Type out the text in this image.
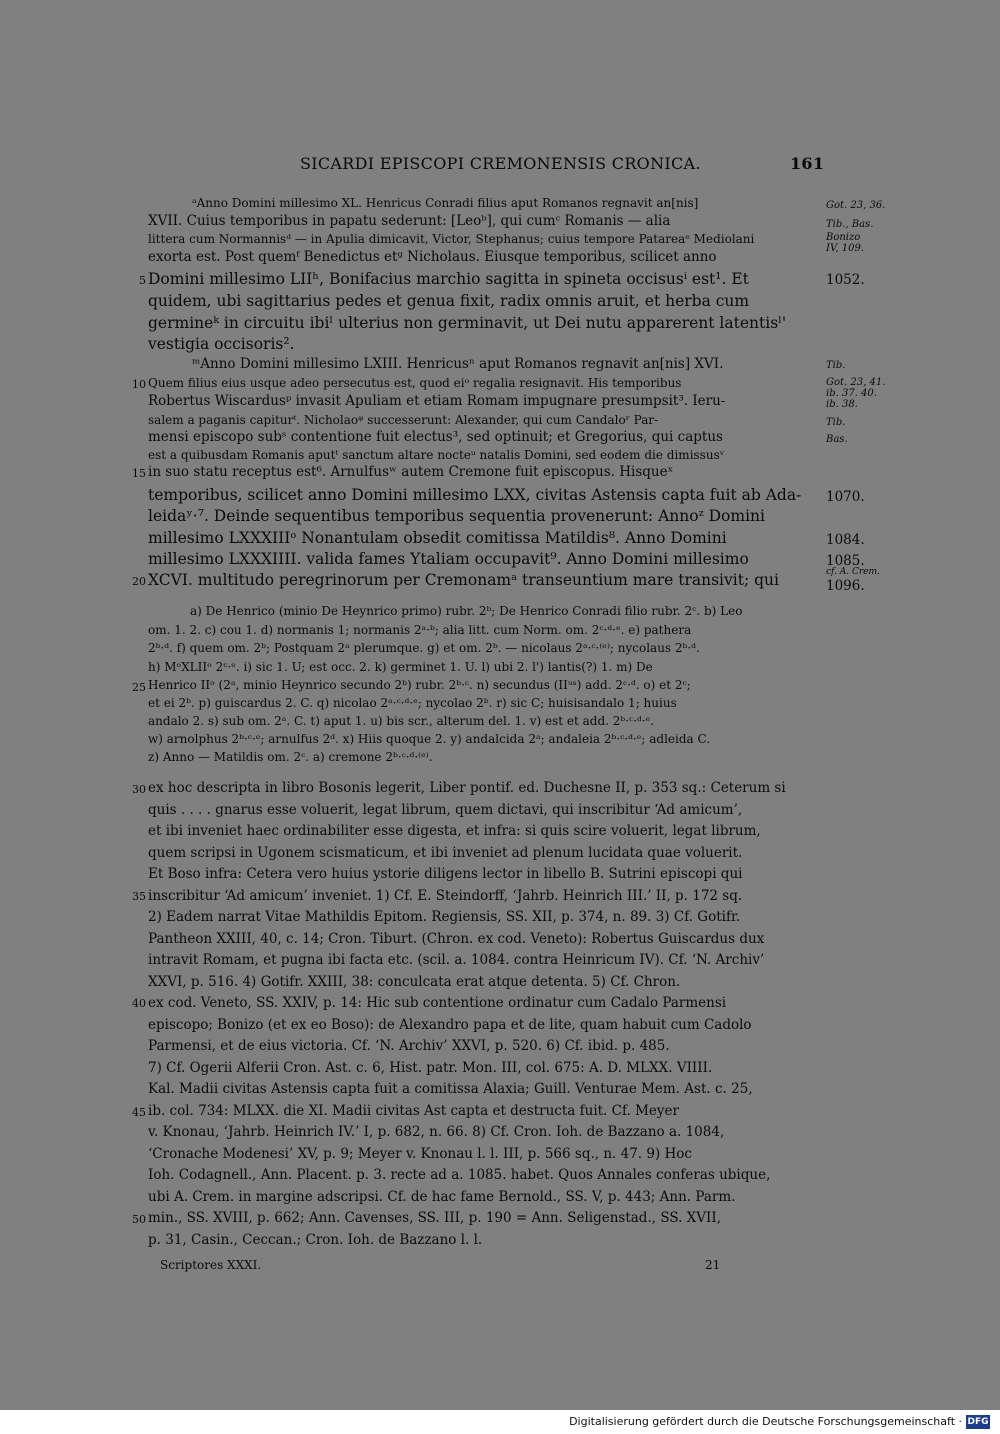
SICARDI EPISCOPI CREMONENSIS CRONICA.	161
ᵃAnno Domini millesimo XL. Henricus Conradi filius aput Romanos regnavit an[nis]
XVII. Cuius temporibus in papatu sederunt: [Leoᵇ], qui cumᶜ Romanis — alia
littera cum Normannisᵈ — in Apulia dimicavit, Victor, Stephanus; cuius tempore Patareaᵉ Mediolani
exorta est. Post quemᶠ Benedictus etᵍ Nicholaus. Eiusque temporibus, scilicet anno
Domini millesimo LIIʰ, Bonifacius marchio sagitta in spineta occisusⁱ est¹. Et
quidem, ubi sagittarius pedes et genua fixit, radix omnis aruit, et herba cum
germineᵏ in circuitu ibiˡ ulterius non germinavit, ut Dei nutu apparerent latentisˡ'
vestigia occisoris².
ᵐAnno Domini millesimo LXIII. Henricusⁿ aput Romanos regnavit an[nis] XVI.
Quem filius eius usque adeo persecutus est, quod eiᵒ regalia resignavit. His temporibus
Robertus Wiscardusᵖ invasit Apuliam et etiam Romam impugnare presumpsit³. Ieru-
salem a paganis capiturᵗ. Nicholaoᵠ successerunt: Alexander, qui cum Candaloʳ Par-
mensi episcopo subˢ contentione fuit electus³, sed optinuit; et Gregorius, qui captus
est a quibusdam Romanis aputᵗ sanctum altare nocteᵘ natalis Domini, sed eodem die dimissusᵛ
in suo statu receptus est⁶. Arnulfusʷ autem Cremone fuit episcopus. Hisqueˣ
temporibus, scilicet anno Domini millesimo LXX, civitas Astensis capta fuit ab Ada-
leidaʸ·⁷. Deinde sequentibus temporibus sequentia provenerunt: Annoᶻ Domini
millesimo LXXXIIIᵒ Nonantulam obsedit comitissa Matildis⁸. Anno Domini
millesimo LXXXIIII. valida fames Ytaliam occupavit⁹. Anno Domini millesimo
XCVI. multitudo peregrinorum per Cremonamᵃ transeuntium mare transivit; qui
5
10
15
20
25
30
35
40
45
50
Got. 23, 36.
Tib., Bas.
Bonizo
IV, 109.
1052.
Tib.
Got. 23, 41.
ib. 37. 40.
ib. 38.
Tib.
Bas.
1070.
1084.
1085.
cf. A. Crem.
1096.
a) De Henrico (minio De Heynrico primo) rubr. 2ᵇ; De Henrico Conradi filio rubr. 2ᶜ. b) Leo
om. 1. 2. c) cou 1. d) normanis 1; normanis 2ᵃ·ᵇ; alia litt. cum Norm. om. 2ᶜ·ᵈ·ᵉ. e) pathera
2ᵇ·ᵈ. f) quem om. 2ᵇ; Postquam 2ᵃ plerumque. g) et om. 2ᵇ. — nicolaus 2ᵃ·ᶜ·⁽ᵉ⁾; nycolaus 2ᵇ·ᵈ.
h) MᵒXLIIᵒ 2ᶜ·ᵉ. i) sic 1. U; est occ. 2. k) germinet 1. U. l) ubi 2. l') lantis(?) 1. m) De
Henrico IIᵒ (2ᵃ, minio Heynrico secundo 2ᵇ) rubr. 2ᵇ·ᶜ. n) secundus (IIᵘˢ) add. 2ᶜ·ᵈ. o) et 2ᶜ;
et ei 2ᵇ. p) guiscardus 2. C. q) nicolao 2ᵃ·ᶜ·ᵈ·ᵉ; nycolao 2ᵇ. r) sic C; huisisandalo 1; huius
andalo 2. s) sub om. 2ᵃ. C. t) aput 1. u) bis scr., alterum del. 1. v) est et add. 2ᵇ·ᶜ·ᵈ·ᵉ.
w) arnolphus 2ᵇ·ᶜ·ᵉ; arnulfus 2ᵈ. x) Hiis quoque 2. y) andalcida 2ᵃ; andaleia 2ᵇ·ᶜ·ᵈ·ᵉ; adleida C.
z) Anno — Matildis om. 2ᶜ. a) cremone 2ᵇ·ᶜ·ᵈ·⁽ᵉ⁾.
ex hoc descripta in libro Bosonis legerit, Liber pontif. ed. Duchesne II, p. 353 sq.: Ceterum si
quis . . . . gnarus esse voluerit, legat librum, quem dictavi, qui inscribitur ‘Ad amicum’,
et ibi inveniet haec ordinabiliter esse digesta, et infra: si quis scire voluerit, legat librum,
quem scripsi in Ugonem scismaticum, et ibi inveniet ad plenum lucidata quae voluerit.
Et Boso infra: Cetera vero huius ystorie diligens lector in libello B. Sutrini episcopi qui
inscribitur ‘Ad amicum’ inveniet. 1) Cf. E. Steindorff, ‘Jahrb. Heinrich III.’ II, p. 172 sq.
2) Eadem narrat Vitae Mathildis Epitom. Regiensis, SS. XII, p. 374, n. 89. 3) Cf. Gotifr.
Pantheon XXIII, 40, c. 14; Cron. Tiburt. (Chron. ex cod. Veneto): Robertus Guiscardus dux
intravit Romam, et pugna ibi facta etc. (scil. a. 1084. contra Heinricum IV). Cf. ‘N. Archiv’
XXVI, p. 516. 4) Gotifr. XXIII, 38: conculcata erat atque detenta. 5) Cf. Chron.
ex cod. Veneto, SS. XXIV, p. 14: Hic sub contentione ordinatur cum Cadalo Parmensi
episcopo; Bonizo (et ex eo Boso): de Alexandro papa et de lite, quam habuit cum Cadolo
Parmensi, et de eius victoria. Cf. ‘N. Archiv’ XXVI, p. 520. 6) Cf. ibid. p. 485.
7) Cf. Ogerii Alferii Cron. Ast. c. 6, Hist. patr. Mon. III, col. 675: A. D. MLXX. VIIII.
Kal. Madii civitas Astensis capta fuit a comitissa Alaxia; Guill. Venturae Mem. Ast. c. 25,
ib. col. 734: MLXX. die XI. Madii civitas Ast capta et destructa fuit. Cf. Meyer
v. Knonau, ‘Jahrb. Heinrich IV.’ I, p. 682, n. 66. 8) Cf. Cron. Ioh. de Bazzano a. 1084,
‘Cronache Modenesi’ XV, p. 9; Meyer v. Knonau l. l. III, p. 566 sq., n. 47. 9) Hoc
Ioh. Codagnell., Ann. Placent. p. 3. recte ad a. 1085. habet. Quos Annales conferas ubique,
ubi A. Crem. in margine adscripsi. Cf. de hac fame Bernold., SS. V, p. 443; Ann. Parm.
min., SS. XVIII, p. 662; Ann. Cavenses, SS. III, p. 190 = Ann. Seligenstad., SS. XVII,
p. 31, Casin., Ceccan.; Cron. Ioh. de Bazzano l. l.
Scriptores XXXI.	21
Digitalisierung gefördert durch die Deutsche Forschungsgemeinschaft · DFG
